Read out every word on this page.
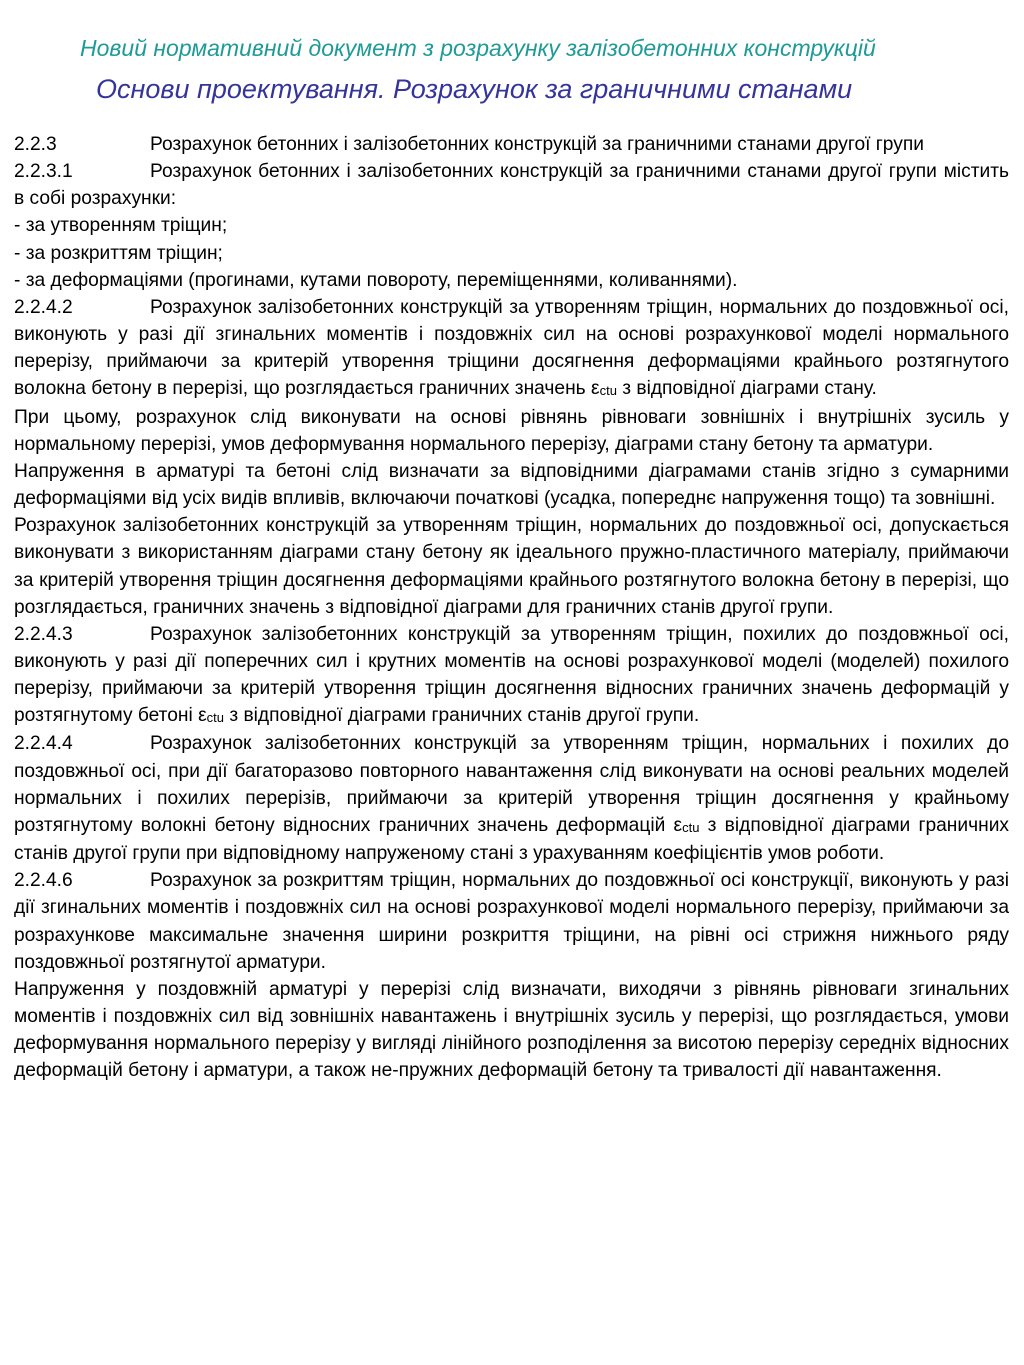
Новий нормативний документ з розрахунку залізобетонних конструкцій
Основи проектування. Розрахунок за граничними станами

2.2.3	Розрахунок бетонних і залізобетонних конструкцій за граничними станами другої групи

2.2.3.1	Розрахунок бетонних і залізобетонних конструкцій за граничними станами другої групи містить в собі розрахунки:

- за утворенням тріщин;

- за розкриттям тріщин;

- за деформаціями (прогинами, кутами повороту, переміщеннями, коливаннями).

2.2.4.2	Розрахунок залізобетонних конструкцій за утворенням тріщин, нормальних до поздовжньої осі, виконують у разі дії згинальних моментів і поздовжніх сил на основі розрахункової моделі нормального перерізу, приймаючи за критерій утворення тріщини досягнення деформаціями крайнього розтягнутого волокна бетону в перерізі, що розглядається граничних значень $\varepsilon_{ctu}$ з відповідної діаграми стану.

При цьому, розрахунок слід виконувати на основі рівнянь рівноваги зовнішніх і внутрішніх зусиль у нормальному перерізі, умов деформування нормального перерізу, діаграми стану бетону та арматури.

Напруження в арматурі та бетоні слід визначати за відповідними діаграмами станів згідно з сумарними деформаціями від усіх видів впливів, включаючи початкові (усадка, попереднє напруження тощо) та зовнішні.

Розрахунок залізобетонних конструкцій за утворенням тріщин, нормальних до поздовжньої осі, допускається виконувати з використанням діаграми стану бетону як ідеального пружно-пластичного матеріалу, приймаючи за критерій утворення тріщин досягнення деформаціями крайнього розтягнутого волокна бетону в перерізі, що розглядається, граничних значень з відповідної діаграми для граничних станів другої групи.

2.2.4.3	Розрахунок залізобетонних конструкцій за утворенням тріщин, похилих до поздовжньої осі, виконують у разі дії поперечних сил і крутних моментів на основі розрахункової моделі (моделей) похилого перерізу, приймаючи за критерій утворення тріщин досягнення відносних граничних значень деформацій у розтягнутому бетоні $\varepsilon_{ctu}$ з відповідної діаграми граничних станів другої групи.

2.2.4.4	Розрахунок залізобетонних конструкцій за утворенням тріщин, нормальних і похилих до поздовжньої осі, при дії багаторазово повторного навантаження слід виконувати на основі реальних моделей нормальних і похилих перерізів, приймаючи за критерій утворення тріщин досягнення у крайньому розтягнутому волокні бетону відносних граничних значень деформацій $\varepsilon_{ctu}$ з відповідної діаграми граничних станів другої групи при відповідному напруженому стані з урахуванням коефіцієнтів умов роботи.

2.2.4.6	Розрахунок за розкриттям тріщин, нормальних до поздовжньої осі конструкції, виконують у разі дії згинальних моментів і поздовжніх сил на основі розрахункової моделі нормального перерізу, приймаючи за розрахункове максимальне значення ширини розкриття тріщини, на рівні осі стрижня нижнього ряду поздовжньої розтягнутої арматури.

Напруження у поздовжній арматурі у перерізі слід визначати, виходячи з рівнянь рівноваги згинальних моментів і поздовжніх сил від зовнішніх навантажень і внутрішніх зусиль у перерізі, що розглядається, умови деформування нормального перерізу у вигляді лінійного розподілення за висотою перерізу середніх відносних деформацій бетону і арматури, а також не-пружних деформацій бетону та тривалості дії навантаження.
